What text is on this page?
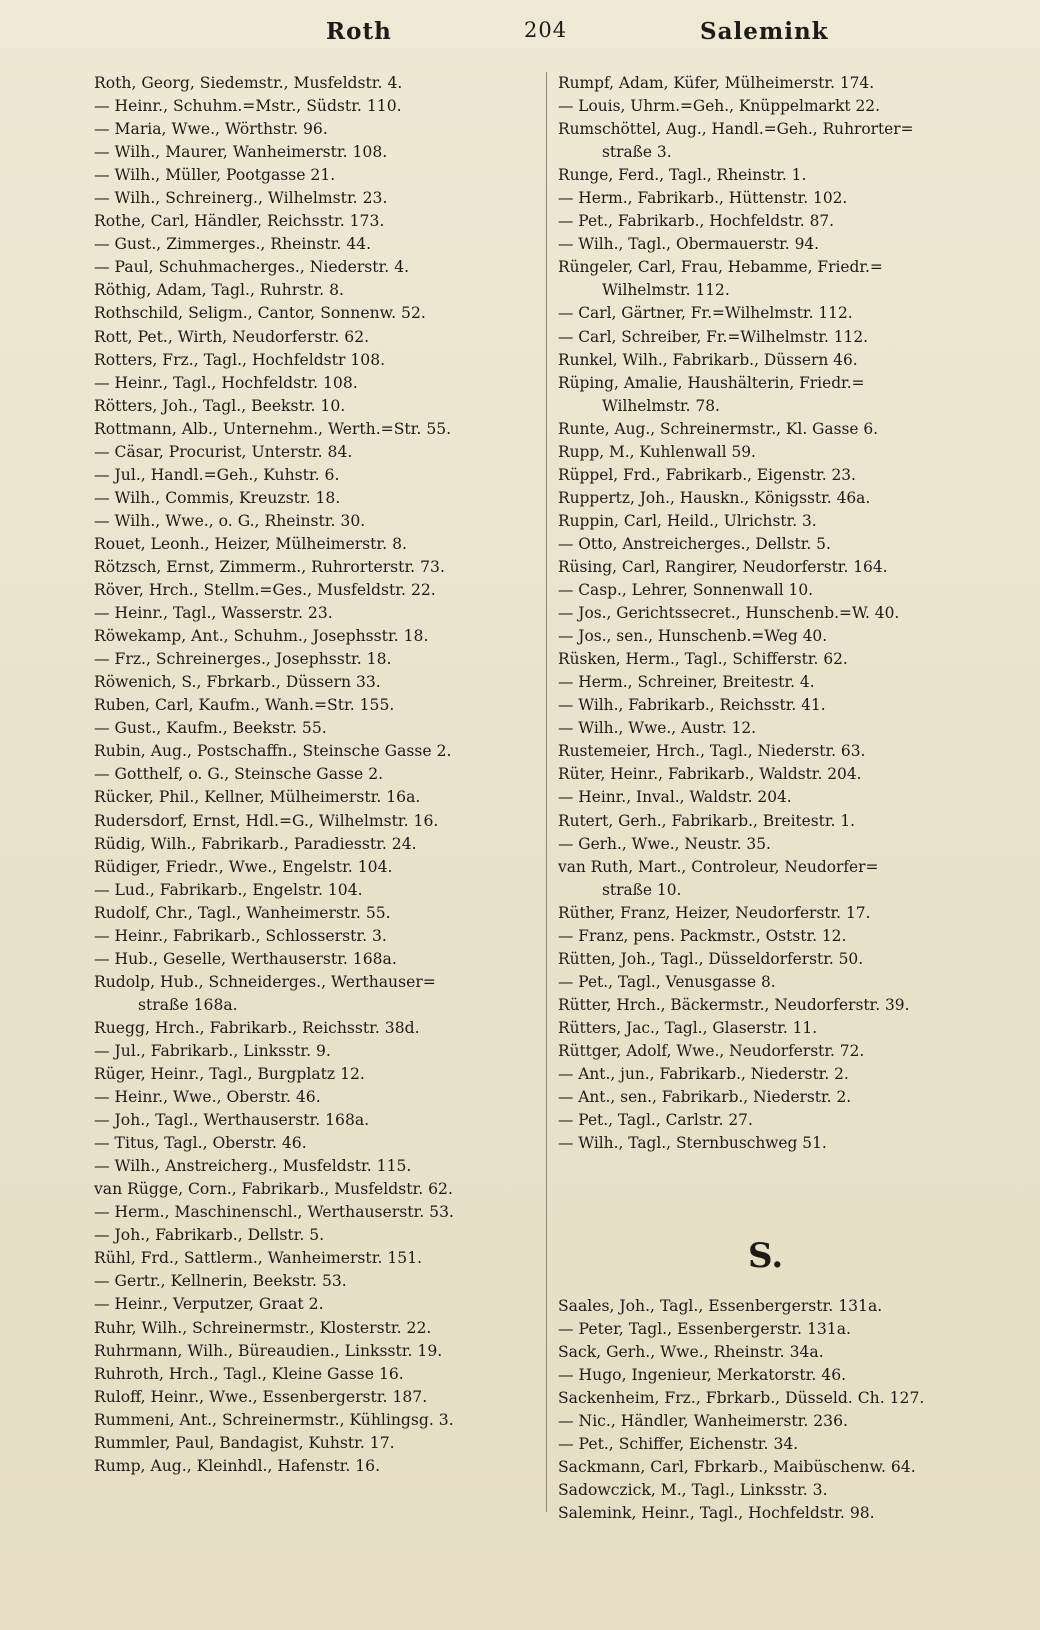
Roth	204	Salemink
Roth, Georg, Siedemstr., Musfeldstr. 4.
— Heinr., Schuhm.=Mstr., Südstr. 110.
— Maria, Wwe., Wörthstr. 96.
— Wilh., Maurer, Wanheimerstr. 108.
— Wilh., Müller, Pootgasse 21.
— Wilh., Schreinerg., Wilhelmstr. 23.
Rothe, Carl, Händler, Reichsstr. 173.
— Gust., Zimmerges., Rheinstr. 44.
— Paul, Schuhmacherges., Niederstr. 4.
Röthig, Adam, Tagl., Ruhrstr. 8.
Rothschild, Seligm., Cantor, Sonnenw. 52.
Rott, Pet., Wirth, Neudorferstr. 62.
Rotters, Frz., Tagl., Hochfeldstr 108.
— Heinr., Tagl., Hochfeldstr. 108.
Rötters, Joh., Tagl., Beekstr. 10.
Rottmann, Alb., Unternehm., Werth.=Str. 55.
— Cäsar, Procurist, Unterstr. 84.
— Jul., Handl.=Geh., Kuhstr. 6.
— Wilh., Commis, Kreuzstr. 18.
— Wilh., Wwe., o. G., Rheinstr. 30.
Rouet, Leonh., Heizer, Mülheimerstr. 8.
Rötzsch, Ernst, Zimmerm., Ruhrorterstr. 73.
Röver, Hrch., Stellm.=Ges., Musfeldstr. 22.
— Heinr., Tagl., Wasserstr. 23.
Röwekamp, Ant., Schuhm., Josephsstr. 18.
— Frz., Schreinerges., Josephsstr. 18.
Röwenich, S., Fbrkarb., Düssern 33.
Ruben, Carl, Kaufm., Wanh.=Str. 155.
— Gust., Kaufm., Beekstr. 55.
Rubin, Aug., Postschaffn., Steinsche Gasse 2.
— Gotthelf, o. G., Steinsche Gasse 2.
Rücker, Phil., Kellner, Mülheimerstr. 16a.
Rudersdorf, Ernst, Hdl.=G., Wilhelmstr. 16.
Rüdig, Wilh., Fabrikarb., Paradiesstr. 24.
Rüdiger, Friedr., Wwe., Engelstr. 104.
— Lud., Fabrikarb., Engelstr. 104.
Rudolf, Chr., Tagl., Wanheimerstr. 55.
— Heinr., Fabrikarb., Schlosserstr. 3.
— Hub., Geselle, Werthauserstr. 168a.
Rudolp, Hub., Schneiderges., Werthauser=
straße 168a.
Ruegg, Hrch., Fabrikarb., Reichsstr. 38d.
— Jul., Fabrikarb., Linksstr. 9.
Rüger, Heinr., Tagl., Burgplatz 12.
— Heinr., Wwe., Oberstr. 46.
— Joh., Tagl., Werthauserstr. 168a.
— Titus, Tagl., Oberstr. 46.
— Wilh., Anstreicherg., Musfeldstr. 115.
van Rügge, Corn., Fabrikarb., Musfeldstr. 62.
— Herm., Maschinenschl., Werthauserstr. 53.
— Joh., Fabrikarb., Dellstr. 5.
Rühl, Frd., Sattlerm., Wanheimerstr. 151.
— Gertr., Kellnerin, Beekstr. 53.
— Heinr., Verputzer, Graat 2.
Ruhr, Wilh., Schreinermstr., Klosterstr. 22.
Ruhrmann, Wilh., Büreaudien., Linksstr. 19.
Ruhroth, Hrch., Tagl., Kleine Gasse 16.
Ruloff, Heinr., Wwe., Essenbergerstr. 187.
Rummeni, Ant., Schreinermstr., Kühlingsg. 3.
Rummler, Paul, Bandagist, Kuhstr. 17.
Rump, Aug., Kleinhdl., Hafenstr. 16.
Rumpf, Adam, Küfer, Mülheimerstr. 174.
— Louis, Uhrm.=Geh., Knüppelmarkt 22.
Rumschöttel, Aug., Handl.=Geh., Ruhrorter=
straße 3.
Runge, Ferd., Tagl., Rheinstr. 1.
— Herm., Fabrikarb., Hüttenstr. 102.
— Pet., Fabrikarb., Hochfeldstr. 87.
— Wilh., Tagl., Obermauerstr. 94.
Rüngeler, Carl, Frau, Hebamme, Friedr.=
Wilhelmstr. 112.
— Carl, Gärtner, Fr.=Wilhelmstr. 112.
— Carl, Schreiber, Fr.=Wilhelmstr. 112.
Runkel, Wilh., Fabrikarb., Düssern 46.
Rüping, Amalie, Haushälterin, Friedr.=
Wilhelmstr. 78.
Runte, Aug., Schreinermstr., Kl. Gasse 6.
Rupp, M., Kuhlenwall 59.
Rüppel, Frd., Fabrikarb., Eigenstr. 23.
Ruppertz, Joh., Hauskn., Königsstr. 46a.
Ruppin, Carl, Heild., Ulrichstr. 3.
— Otto, Anstreicherges., Dellstr. 5.
Rüsing, Carl, Rangirer, Neudorferstr. 164.
— Casp., Lehrer, Sonnenwall 10.
— Jos., Gerichtssecret., Hunschenb.=W. 40.
— Jos., sen., Hunschenb.=Weg 40.
Rüsken, Herm., Tagl., Schifferstr. 62.
— Herm., Schreiner, Breitestr. 4.
— Wilh., Fabrikarb., Reichsstr. 41.
— Wilh., Wwe., Austr. 12.
Rustemeier, Hrch., Tagl., Niederstr. 63.
Rüter, Heinr., Fabrikarb., Waldstr. 204.
— Heinr., Inval., Waldstr. 204.
Rutert, Gerh., Fabrikarb., Breitestr. 1.
— Gerh., Wwe., Neustr. 35.
van Ruth, Mart., Controleur, Neudorfer=
straße 10.
Rüther, Franz, Heizer, Neudorferstr. 17.
— Franz, pens. Packmstr., Oststr. 12.
Rütten, Joh., Tagl., Düsseldorferstr. 50.
— Pet., Tagl., Venusgasse 8.
Rütter, Hrch., Bäckermstr., Neudorferstr. 39.
Rütters, Jac., Tagl., Glaserstr. 11.
Rüttger, Adolf, Wwe., Neudorferstr. 72.
— Ant., jun., Fabrikarb., Niederstr. 2.
— Ant., sen., Fabrikarb., Niederstr. 2.
— Pet., Tagl., Carlstr. 27.
— Wilh., Tagl., Sternbuschweg 51.
S.
Saales, Joh., Tagl., Essenbergerstr. 131a.
— Peter, Tagl., Essenbergerstr. 131a.
Sack, Gerh., Wwe., Rheinstr. 34a.
— Hugo, Ingenieur, Merkatorstr. 46.
Sackenheim, Frz., Fbrkarb., Düsseld. Ch. 127.
— Nic., Händler, Wanheimerstr. 236.
— Pet., Schiffer, Eichenstr. 34.
Sackmann, Carl, Fbrkarb., Maibüschenw. 64.
Sadowczick, M., Tagl., Linksstr. 3.
Salemink, Heinr., Tagl., Hochfeldstr. 98.
